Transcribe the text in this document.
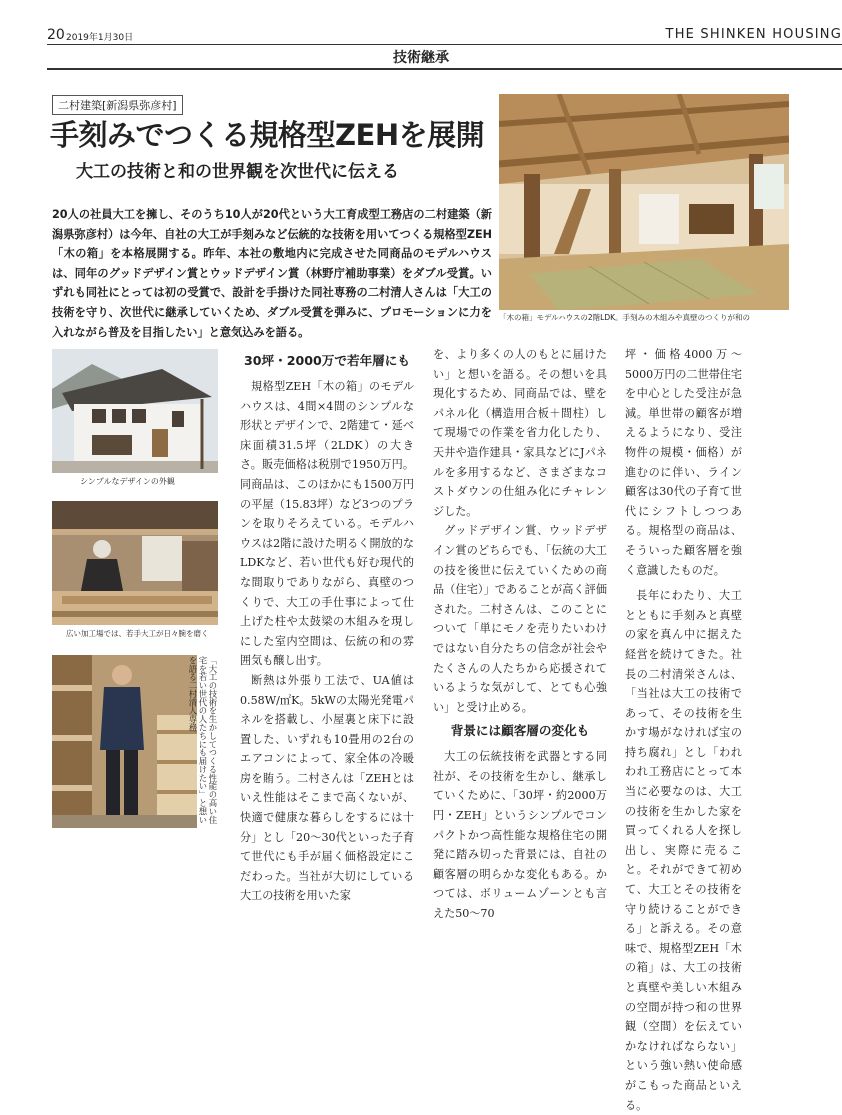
20 2019年1月30日	THE SHINKEN HOUSING
技術継承
二村建築[新潟県弥彦村]
手刻みでつくる規格型ZEHを展開
大工の技術と和の世界観を次世代に伝える
20人の社員大工を擁し、そのうち10人が20代という大工育成型工務店の二村建築（新潟県弥彦村）は今年、自社の大工が手刻みなど伝統的な技術を用いてつくる規格型ZEH「木の箱」を本格展開する。昨年、本社の敷地内に完成させた同商品のモデルハウスは、同年のグッドデザイン賞とウッドデザイン賞（林野庁補助事業）をダブル受賞。いずれも同社にとっては初の受賞で、設計を手掛けた同社専務の二村清人さんは「大工の技術を守り、次世代に継承していくため、ダブル受賞を弾みに、プロモーションに力を入れながら普及を目指したい」と意気込みを語る。
「木の箱」モデルハウスの2階LDK。手刻みの木組みや真壁のつくりが和の
シンプルなデザインの外観
広い加工場では、若手大工が日々腕を磨く
「大工の技術を生かしてつくる性能の高い住宅を若い世代の人たちにも届けたい」と想いを語る二村清人専務

30坪・2000万で若年層にも

規格型ZEH「木の箱」のモデルハウスは、4間×4間のシンプルな形状とデザインで、2階建て・延べ床面積31.5坪（2LDK）の大きさ。販売価格は税別で1950万円。同商品は、このほかにも1500万円の平屋（15.83坪）など3つのプランを取りそろえている。モデルハウスは2階に設けた明るく開放的なLDKなど、若い世代も好む現代的な間取りでありながら、真壁のつくりで、大工の手仕事によって仕上げた柱や太鼓梁の木組みを現しにした室内空間は、伝統の和の雰囲気も醸し出す。

断熱は外張り工法で、UA値は0.58W/㎡K。5kWの太陽光発電パネルを搭載し、小屋裏と床下に設置した、いずれも10畳用の2台のエアコンによって、家全体の冷暖房を賄う。二村さんは「ZEHとはいえ性能はそこまで高くないが、快適で健康な暮らしをするには十分」とし「20～30代といった子育て世代にも手が届く価格設定にこだわった。当社が大切にしている大工の技術を用いた家

を、より多くの人のもとに届けたい」と想いを語る。その想いを具現化するため、同商品では、壁をパネル化（構造用合板＋間柱）して現場での作業を省力化したり、天井や造作建具・家具などにJパネルを多用するなど、さまざまなコストダウンの仕組み化にチャレンジした。

グッドデザイン賞、ウッドデザイン賞のどちらでも、「伝統の大工の技を後世に伝えていくための商品（住宅）」であることが高く評価された。二村さんは、このことについて「単にモノを売りたいわけではない自分たちの信念が社会やたくさんの人たちから応援されているような気がして、とても心強い」と受け止める。

背景には顧客層の変化も

大工の伝統技術を武器とする同社が、その技術を生かし、継承していくために、「30坪・約2000万円・ZEH」というシンプルでコンパクトかつ高性能な規格住宅の開発に踏み切った背景には、自社の顧客層の明らかな変化もある。かつては、ボリュームゾーンとも言えた50～70

坪・価格4000万～5000万円の二世帯住宅を中心とした受注が急減。単世帯の顧客が増えるようになり、受注物件の規模・価格）が進むのに伴い、ライン顧客は30代の子育て世代にシフトしつつある。規格型の商品は、そういった顧客層を強く意識したものだ。

長年にわたり、大工とともに手刻みと真壁の家を真ん中に据えた経営を続けてきた。社長の二村清栄さんは、「当社は大工の技術であって、その技術を生かす場がなければ宝の持ち腐れ」とし「われわれ工務店にとって本当に必要なのは、大工の技術を生かした家を買ってくれる人を探し出し、実際に売ること。それができて初めて、大工とその技術を守り続けることができる」と訴える。その意味で、規格型ZEH「木の箱」は、大工の技術と真壁や美しい木組みの空間が持つ和の世界観（空間）を伝えていかなければならない」という強い熱い使命感がこもった商品といえる。
